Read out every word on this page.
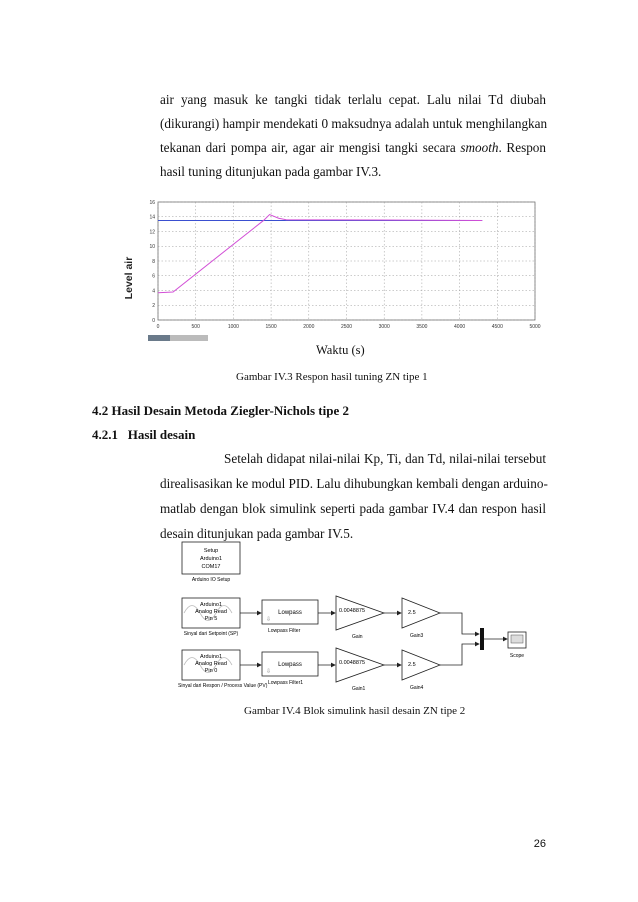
air yang masuk ke tangki tidak terlalu cepat. Lalu nilai Td diubah
(dikurangi) hampir mendekati 0 maksudnya adalah untuk menghilangkan
tekanan dari pompa air, agar air mengisi tangki secara smooth. Respon
hasil tuning ditunjukan pada gambar IV.3.
Level air
0
2
4
6
8
10
12
14
16
0	500	1000	1500	2000	2500	3000	3500	4000	4500	5000
Waktu (s)
Gambar IV.3 Respon hasil tuning ZN tipe 1
4.2 Hasil Desain Metoda Ziegler-Nichols tipe 2
4.2.1   Hasil desain
Setelah didapat nilai-nilai Kp, Ti, dan Td, nilai-nilai tersebut
direalisasikan ke modul PID. Lalu dihubungkan kembali dengan arduino-
matlab dengan blok simulink seperti pada gambar IV.4 dan respon hasil
desain ditunjukan pada gambar IV.5.
Setup
Arduino1
COM17
Arduino IO Setup
Arduino1
Analog Read
Pin 5
Sinyal dari Setpoint (SP)
Arduino1
Analog Read
Pin 0
Sinyal dari Respon / Process Value (PV)
Lowpass
⇩
Lowpass Filter
Lowpass
⇩
Lowpass Filter1
0.0048875
Gain
0.0048875
Gain1
2.5
Gain3
2.5
Gain4
Scope
Gambar IV.4 Blok simulink hasil desain ZN tipe 2
26
